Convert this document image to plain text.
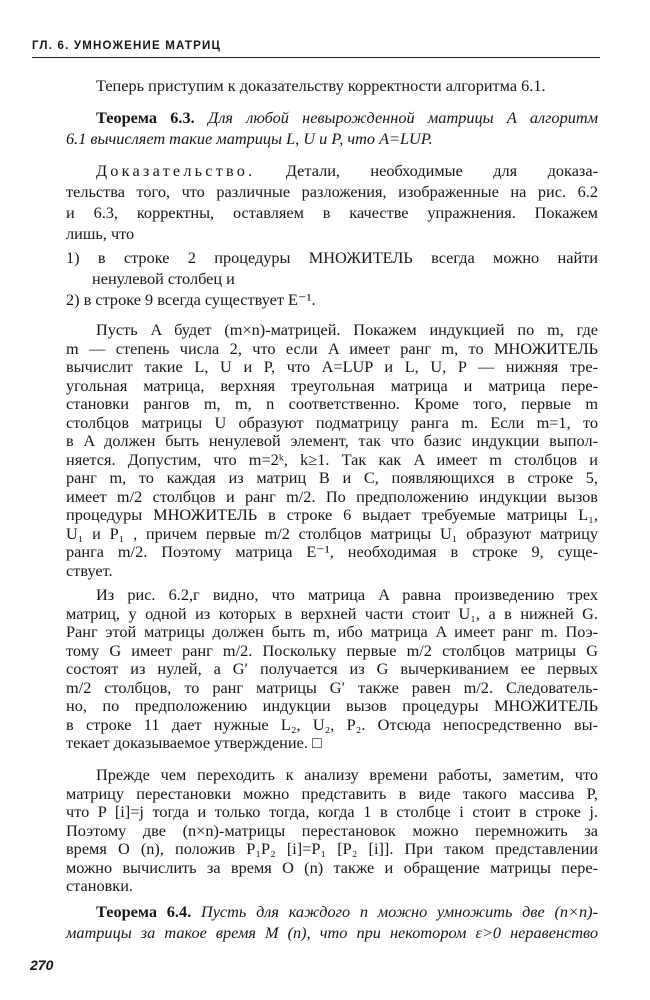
ГЛ. 6. УМНОЖЕНИЕ МАТРИЦ
Теперь приступим к доказательству корректности алгоритма 6.1.
Теорема 6.3. Для любой невырожденной матрицы A алгоритм
6.1 вычисляет такие матрицы L, U и P, что A=LUP.
Доказательство. Детали, необходимые для доказа-
тельства того, что различные разложения, изображенные на рис. 6.2
и 6.3, корректны, оставляем в качестве упражнения. Покажем
лишь, что
1) в строке 2 процедуры МНОЖИТЕЛЬ всегда можно найти
ненулевой столбец и
2) в строке 9 всегда существует E⁻¹.
Пусть A будет (m×n)-матрицей. Покажем индукцией по m, где
m — степень числа 2, что если A имеет ранг m, то МНОЖИТЕЛЬ
вычислит такие L, U и P, что A=LUP и L, U, P — нижняя тре-
угольная матрица, верхняя треугольная матрица и матрица пере-
становки рангов m, m, n соответственно. Кроме того, первые m
столбцов матрицы U образуют подматрицу ранга m. Если m=1, то
в A должен быть ненулевой элемент, так что базис индукции выпол-
няется. Допустим, что m=2ᵏ, k≥1. Так как A имеет m столбцов и
ранг m, то каждая из матриц B и C, появляющихся в строке 5,
имеет m/2 столбцов и ранг m/2. По предположению индукции вызов
процедуры МНОЖИТЕЛЬ в строке 6 выдает требуемые матрицы L₁,
U₁ и P₁ , причем первые m/2 столбцов матрицы U₁ образуют матрицу
ранга m/2. Поэтому матрица E⁻¹, необходимая в строке 9, суще-
ствует.
Из рис. 6.2,г видно, что матрица A равна произведению трех
матриц, у одной из которых в верхней части стоит U₁, а в нижней G.
Ранг этой матрицы должен быть m, ибо матрица A имеет ранг m. Поэ-
тому G имеет ранг m/2. Поскольку первые m/2 столбцов матрицы G
состоят из нулей, а G′ получается из G вычеркиванием ее первых
m/2 столбцов, то ранг матрицы G′ также равен m/2. Следователь-
но, по предположению индукции вызов процедуры МНОЖИТЕЛЬ
в строке 11 дает нужные L₂, U₂, P₂. Отсюда непосредственно вы-
текает доказываемое утверждение. □
Прежде чем переходить к анализу времени работы, заметим, что
матрицу перестановки можно представить в виде такого массива P,
что P [i]=j тогда и только тогда, когда 1 в столбце i стоит в строке j.
Поэтому две (n×n)-матрицы перестановок можно перемножить за
время O (n), положив P₁P₂ [i]=P₁ [P₂ [i]]. При таком представлении
можно вычислить за время O (n) также и обращение матрицы пере-
становки.
270
Теорема 6.4. Пусть для каждого n можно умножить две (n×n)-
матрицы за такое время M (n), что при некотором ε>0 неравенство
